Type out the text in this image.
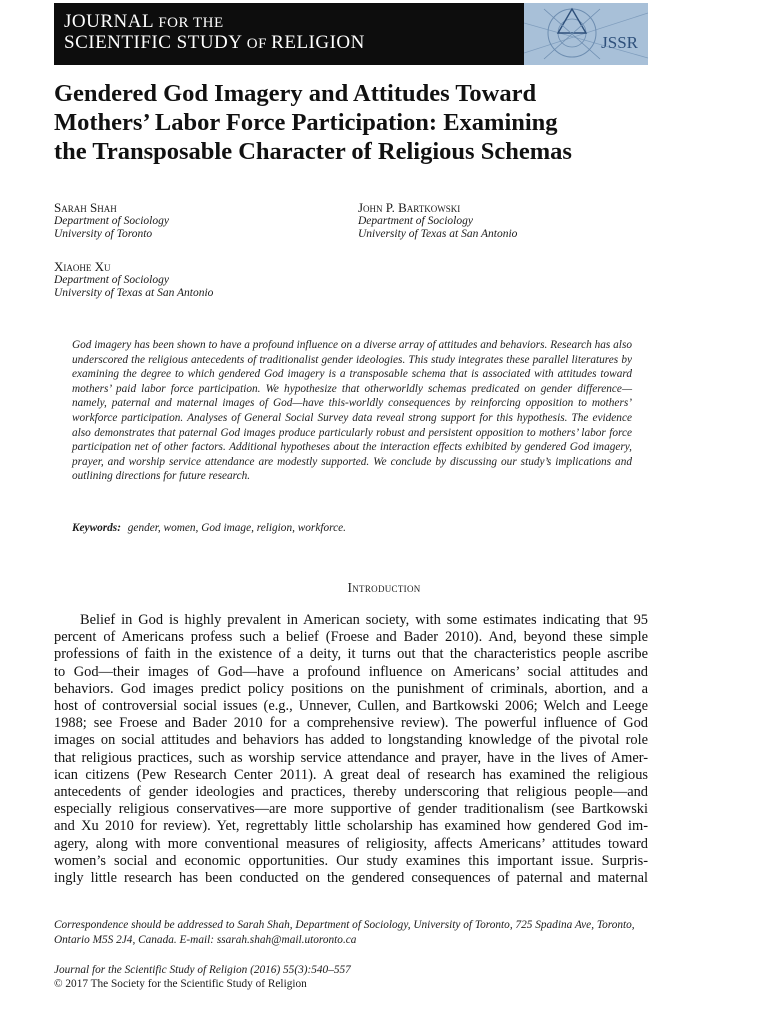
JOURNAL FOR THE
SCIENTIFIC STUDY OF RELIGION	JSSR
Gendered God Imagery and Attitudes Toward
Mothers’ Labor Force Participation: Examining
the Transposable Character of Religious Schemas
Sarah Shah
Department of Sociology
University of Toronto
John P. Bartkowski
Department of Sociology
University of Texas at San Antonio
Xiaohe Xu
Department of Sociology
University of Texas at San Antonio
God imagery has been shown to have a profound influence on a diverse array of attitudes and behaviors. Research has also underscored the religious antecedents of traditionalist gender ideologies. This study integrates these parallel literatures by examining the degree to which gendered God imagery is a transposable schema that is associated with attitudes toward mothers’ paid labor force participation. We hypothesize that otherworldly schemas predicated on gender difference—namely, paternal and maternal images of God—have this-worldly consequences by reinforcing opposition to mothers’ workforce participation. Analyses of General Social Survey data reveal strong support for this hypothesis. The evidence also demonstrates that paternal God images produce particularly robust and persistent opposition to mothers’ labor force participation net of other factors. Additional hypotheses about the interaction effects exhibited by gendered God imagery, prayer, and worship service attendance are modestly supported. We conclude by discussing our study’s implications and outlining directions for future research.
Keywords: gender, women, God image, religion, workforce.
Introduction
Belief in God is highly prevalent in American society, with some estimates indicating that 95
percent of Americans profess such a belief (Froese and Bader 2010). And, beyond these simple
professions of faith in the existence of a deity, it turns out that the characteristics people ascribe
to God—their images of God—have a profound influence on Americans’ social attitudes and
behaviors. God images predict policy positions on the punishment of criminals, abortion, and a
host of controversial social issues (e.g., Unnever, Cullen, and Bartkowski 2006; Welch and Leege
1988; see Froese and Bader 2010 for a comprehensive review). The powerful influence of God
images on social attitudes and behaviors has added to longstanding knowledge of the pivotal role
that religious practices, such as worship service attendance and prayer, have in the lives of Amer-
ican citizens (Pew Research Center 2011). A great deal of research has examined the religious
antecedents of gender ideologies and practices, thereby underscoring that religious people—and
especially religious conservatives—are more supportive of gender traditionalism (see Bartkowski
and Xu 2010 for review). Yet, regrettably little scholarship has examined how gendered God im-
agery, along with more conventional measures of religiosity, affects Americans’ attitudes toward
women’s social and economic opportunities. Our study examines this important issue. Surpris-
ingly little research has been conducted on the gendered consequences of paternal and maternal
Correspondence should be addressed to Sarah Shah, Department of Sociology, University of Toronto, 725 Spadina Ave, Toronto, Ontario M5S 2J4, Canada. E-mail: ssarah.shah@mail.utoronto.ca
Journal for the Scientific Study of Religion (2016) 55(3):540–557
© 2017 The Society for the Scientific Study of Religion
